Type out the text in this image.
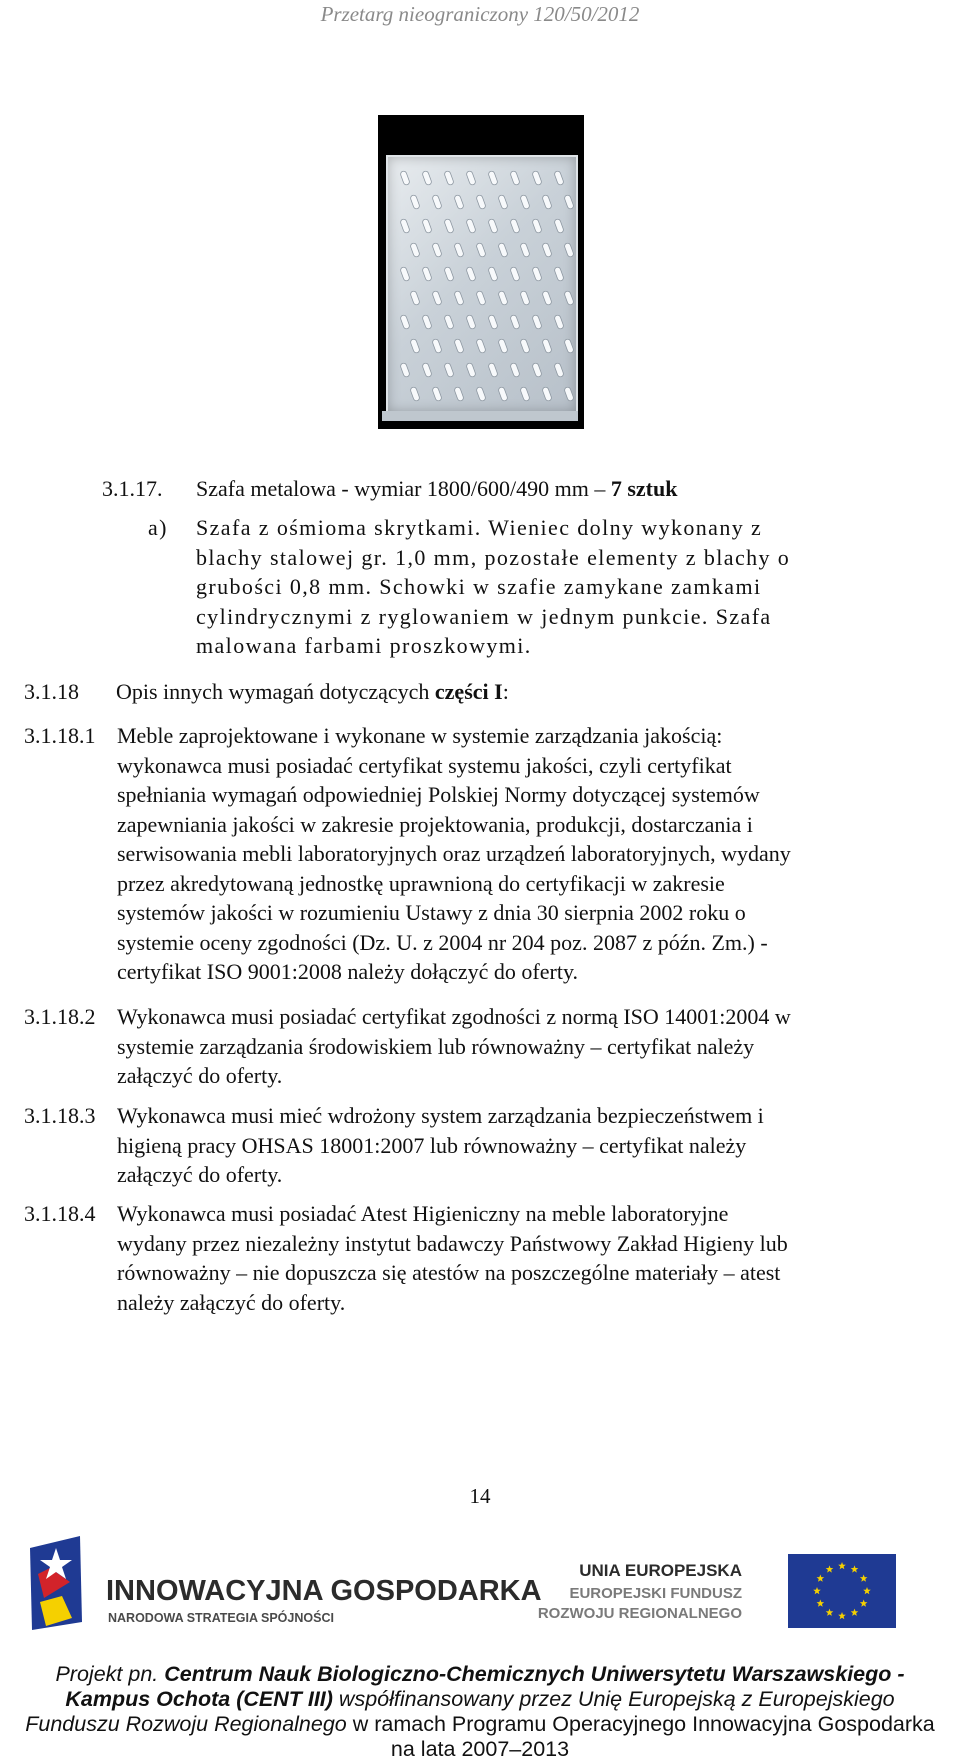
Przetarg nieograniczony 120/50/2012
3.1.17. Szafa metalowa - wymiar 1800/600/490 mm – 7 sztuk
a) Szafa z ośmioma skrytkami. Wieniec dolny wykonany z
blachy stalowej gr. 1,0 mm, pozostałe elementy z blachy o
grubości 0,8 mm. Schowki w szafie zamykane zamkami
cylindrycznymi z ryglowaniem w jednym punkcie. Szafa
malowana farbami proszkowymi.
3.1.18 Opis innych wymagań dotyczących części I:
3.1.18.1 Meble zaprojektowane i wykonane w systemie zarządzania jakością:
wykonawca musi posiadać certyfikat systemu jakości, czyli certyfikat
spełniania wymagań odpowiedniej Polskiej Normy dotyczącej systemów
zapewniania jakości w zakresie projektowania, produkcji, dostarczania i
serwisowania mebli laboratoryjnych oraz urządzeń laboratoryjnych, wydany
przez akredytowaną jednostkę uprawnioną do certyfikacji w zakresie
systemów jakości w rozumieniu Ustawy z dnia 30 sierpnia 2002 roku o
systemie oceny zgodności (Dz. U. z 2004 nr 204 poz. 2087 z późn. Zm.) -
certyfikat ISO 9001:2008 należy dołączyć do oferty.
3.1.18.2 Wykonawca musi posiadać certyfikat zgodności z normą ISO 14001:2004 w
systemie zarządzania środowiskiem lub równoważny – certyfikat należy
załączyć do oferty.
3.1.18.3 Wykonawca musi mieć wdrożony system zarządzania bezpieczeństwem i
higieną pracy OHSAS 18001:2007 lub równoważny – certyfikat należy
załączyć do oferty.
3.1.18.4 Wykonawca musi posiadać Atest Higieniczny na meble laboratoryjne
wydany przez niezależny instytut badawczy Państwowy Zakład Higieny lub
równoważny – nie dopuszcza się atestów na poszczególne materiały – atest
należy załączyć do oferty.
14
INNOWACYJNA GOSPODARKA
NARODOWA STRATEGIA SPÓJNOŚCI
UNIA EUROPEJSKA
EUROPEJSKI FUNDUSZ
ROZWOJU REGIONALNEGO
Projekt pn. Centrum Nauk Biologiczno-Chemicznych Uniwersytetu Warszawskiego -
Kampus Ochota (CENT III) współfinansowany przez Unię Europejską z Europejskiego
Funduszu Rozwoju Regionalnego w ramach Programu Operacyjnego Innowacyjna Gospodarka
na lata 2007–2013
